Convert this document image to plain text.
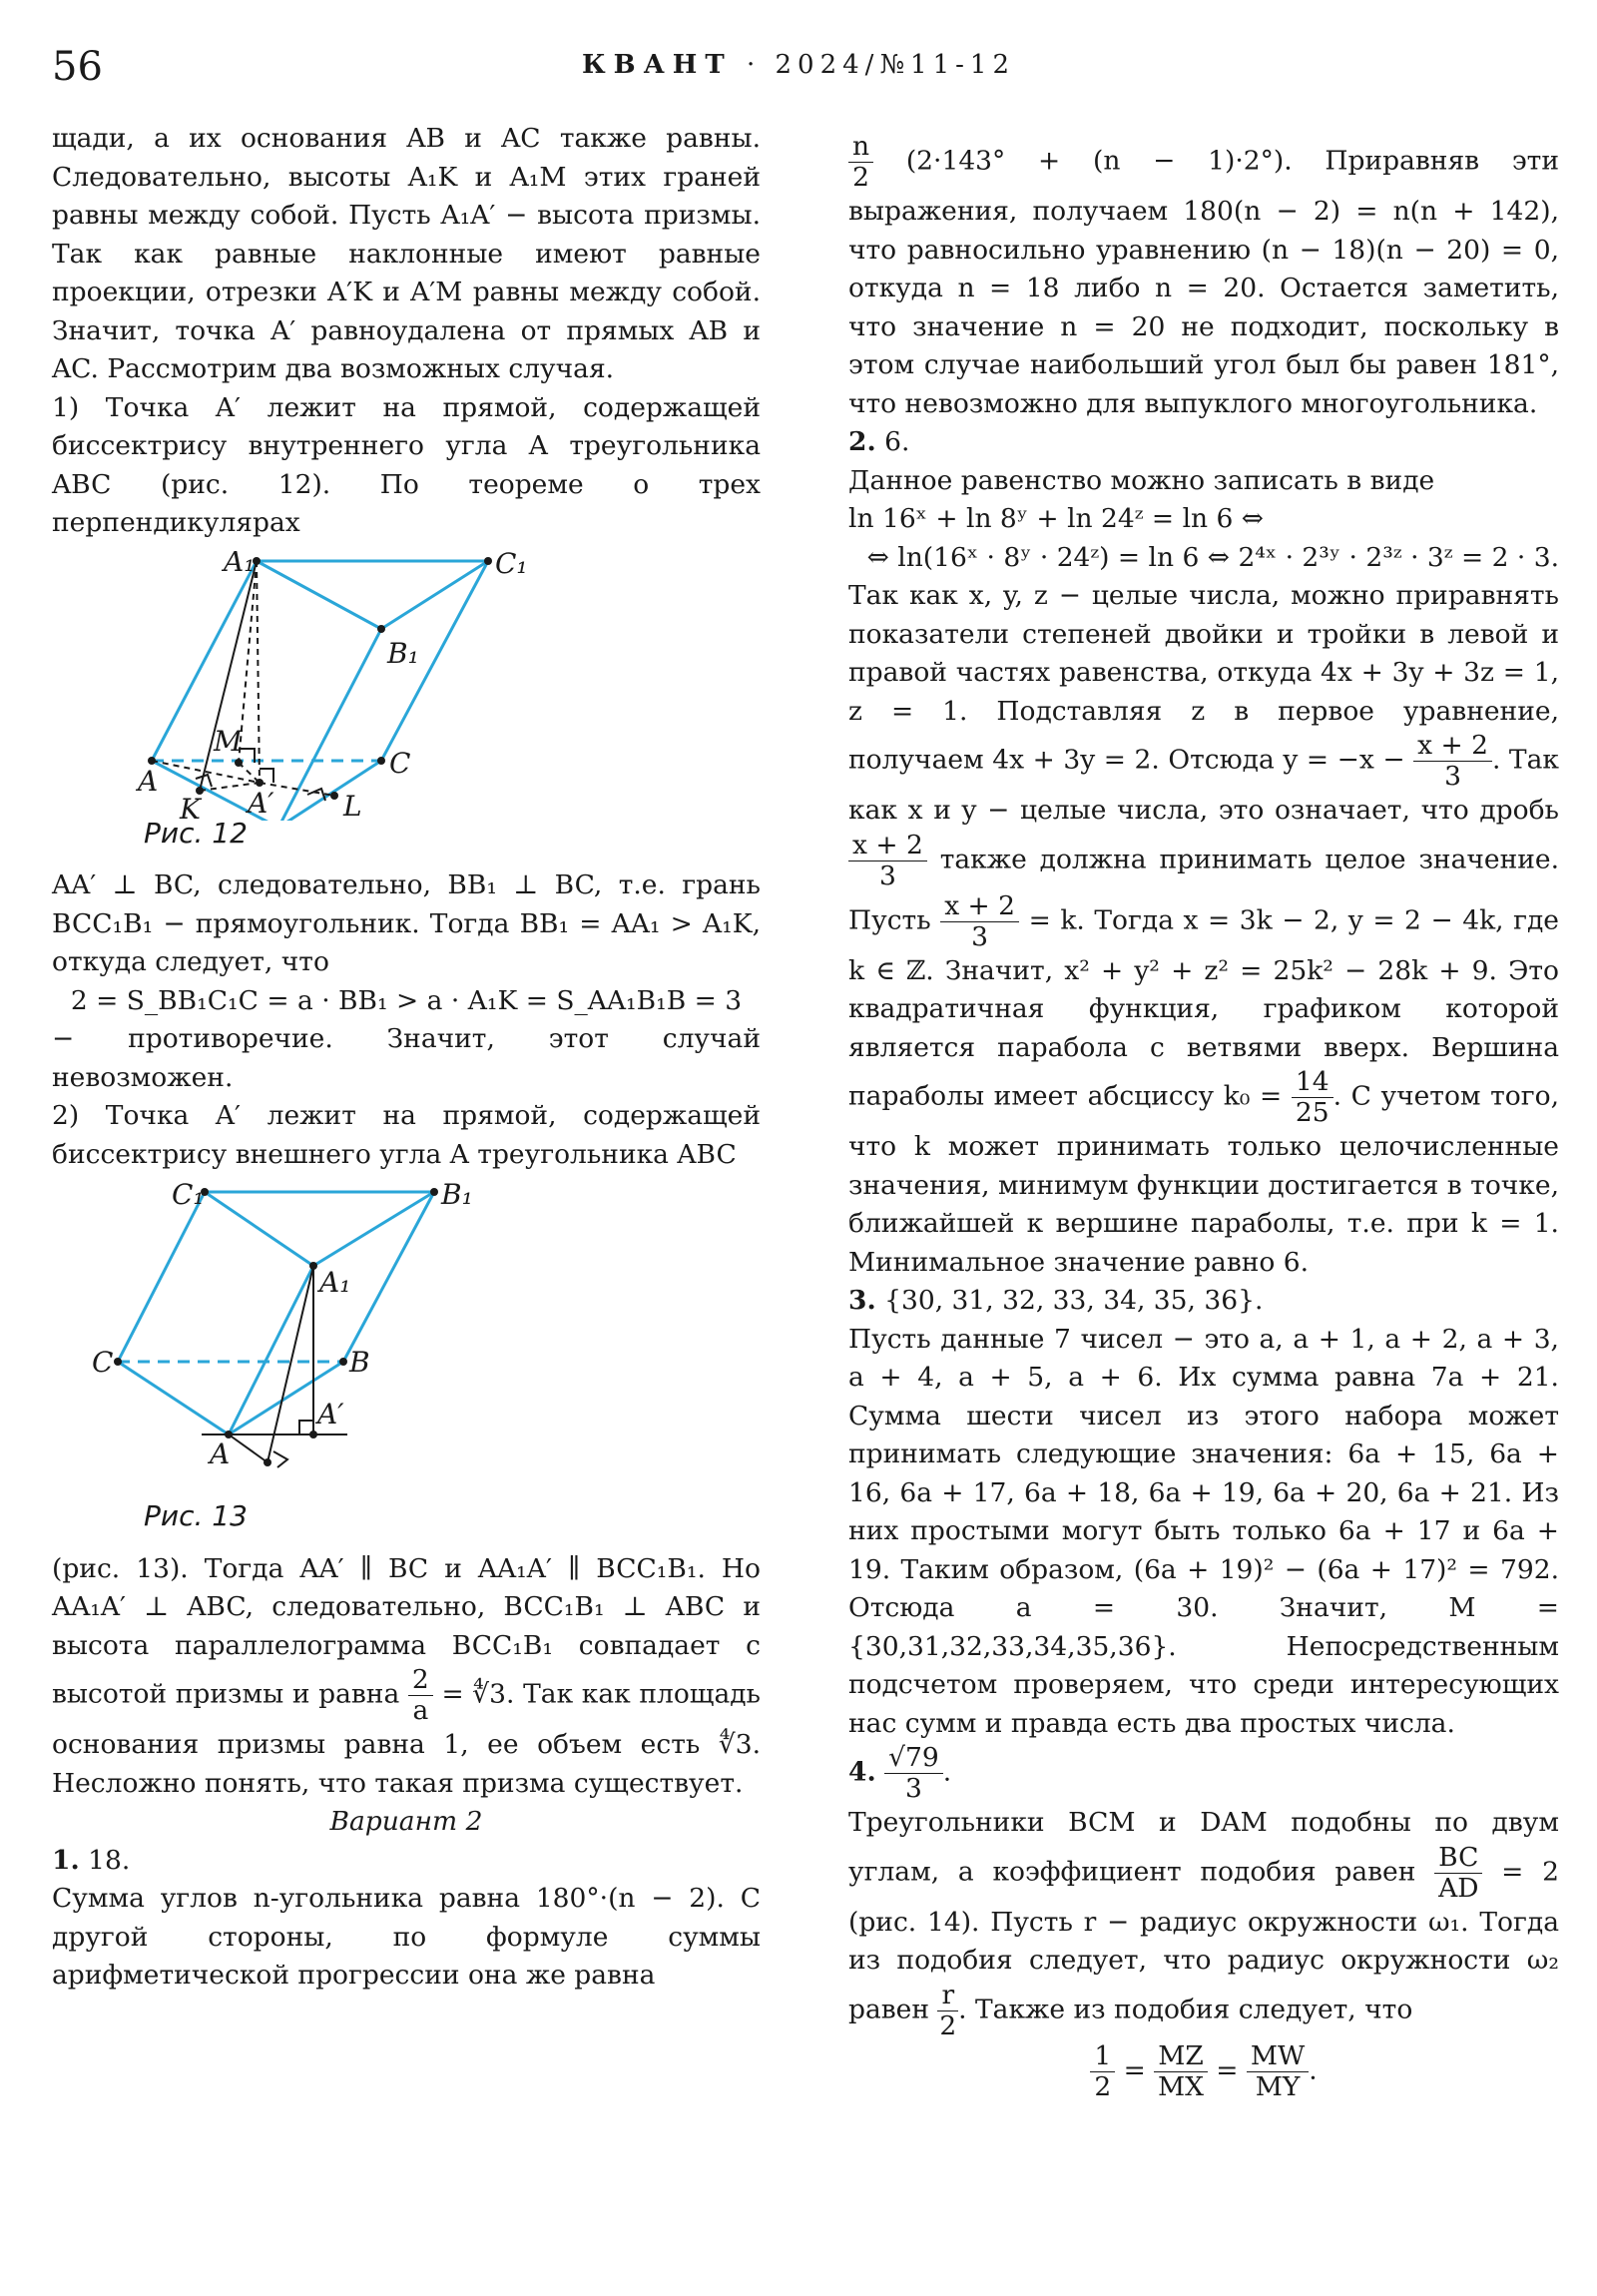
56	КВАНТ · 2024/№11-12

щади, а их основания AB и AC также равны. Следовательно, высоты A₁K и A₁M этих граней равны между собой. Пусть A₁A′ − высота призмы. Так как равные наклонные имеют равные проекции, отрезки A′K и A′M равны между собой. Значит, точка A′ равноудалена от прямых AB и AC. Рассмотрим два возможных случая.

1) Точка A′ лежит на прямой, содержащей биссектрису внутреннего угла A треугольника ABC (рис. 12). По теореме о трех перпендикулярах

A₁	C₁
B₁
M
A
C
K A′ L
Рис. 12

AA′ ⊥ BC, следовательно, BB₁ ⊥ BC, т.е. грань BCC₁B₁ − прямоугольник. Тогда BB₁ = AA₁ > A₁K, откуда следует, что

2 = S_BB₁C₁C = a · BB₁ > a · A₁K = S_AA₁B₁B = 3

− противоречие. Значит, этот случай невозможен.

2) Точка A′ лежит на прямой, содержащей биссектрису внешнего угла A треугольника ABC

C₁	B₁
A₁
C	B
A′
A
Рис. 13

(рис. 13). Тогда AA′ ∥ BC и AA₁A′ ∥ BCC₁B₁. Но AA₁A′ ⊥ ABC, следовательно, BCC₁B₁ ⊥ ABC и высота параллелограмма BCC₁B₁ совпадает с высотой призмы и равна $\frac{2}{a}$ = ∜3. Так как площадь основания призмы равна 1, ее объем есть ∜3. Несложно понять, что такая призма существует.

Вариант 2

1. 18.

Сумма углов n-угольника равна 180°·(n − 2). С другой стороны, по формуле суммы арифметической прогрессии она же равна

$\frac{n}{2} (2\cdot 143^\circ + (n - 1)\cdot 2^\circ)$. Приравняв эти выражения, получаем 180(n − 2) = n(n + 142), что равносильно уравнению (n − 18)(n − 20) = 0, откуда n = 18 либо n = 20. Остается заметить, что значение n = 20 не подходит, поскольку в этом случае наибольший угол был бы равен 181°, что невозможно для выпуклого многоугольника.

2. 6.

Данное равенство можно записать в виде

ln 16ˣ + ln 8ʸ + ln 24ᶻ = ln 6 ⇔

⇔ ln(16ˣ · 8ʸ · 24ᶻ) = ln 6 ⇔ 2⁴ˣ · 2³ʸ · 2³ᶻ · 3ᶻ = 2 · 3.

Так как x, y, z − целые числа, можно приравнять показатели степеней двойки и тройки в левой и правой частях равенства, откуда 4x + 3y + 3z = 1, z = 1. Подставляя z в первое уравнение, получаем 4x + 3y = 2. Отсюда $y = -x - \frac{x + 2}{3}$ . Так как x и y − целые числа, это означает, что дробь
$\frac{x + 2}{3}$ также должна принимать целое значение. Пусть $\frac{x + 2}{3} = k$. Тогда x = 3k − 2, y = 2 − 4k, где k ∈ ℤ. Значит, x² + y² + z² = 25k² − 28k + 9. Это квадратичная функция, графиком которой является парабола с ветвями вверх. Вершина параболы имеет абсциссу $k_0 = \frac{14}{25}$ . С учетом того, что k может принимать только целочисленные значения, минимум функции достигается в точке, ближайшей к вершине параболы, т.е. при k = 1. Минимальное значение равно 6.

3. {30, 31, 32, 33, 34, 35, 36}.

Пусть данные 7 чисел − это a, a + 1, a + 2, a + 3, a + 4, a + 5, a + 6. Их сумма равна 7a + 21. Сумма шести чисел из этого набора может принимать следующие значения: 6a + 15, 6a + 16, 6a + 17, 6a + 18, 6a + 19, 6a + 20, 6a + 21. Из них простыми могут быть только 6a + 17 и 6a + 19. Таким образом, (6a + 19)² − (6a + 17)² = 792. Отсюда a = 30. Значит, M = {30,31,32,33,34,35,36}. Непосредственным подсчетом проверяем, что среди интересующих нас сумм и правда есть два простых числа.

4. $\frac{√79}{3}$ .

Треугольники BCM и DAM подобны по двум углам, а коэффициент подобия равен $\frac{BC}{AD} = 2$ (рис. 14). Пусть r − радиус окружности ω₁. Тогда из подобия следует, что радиус окружности ω₂ равен $\frac{r}{2}$ . Также из подобия следует, что

$\frac{1}{2} = \frac{MZ}{MX} = \frac{MW}{MY}$ .
